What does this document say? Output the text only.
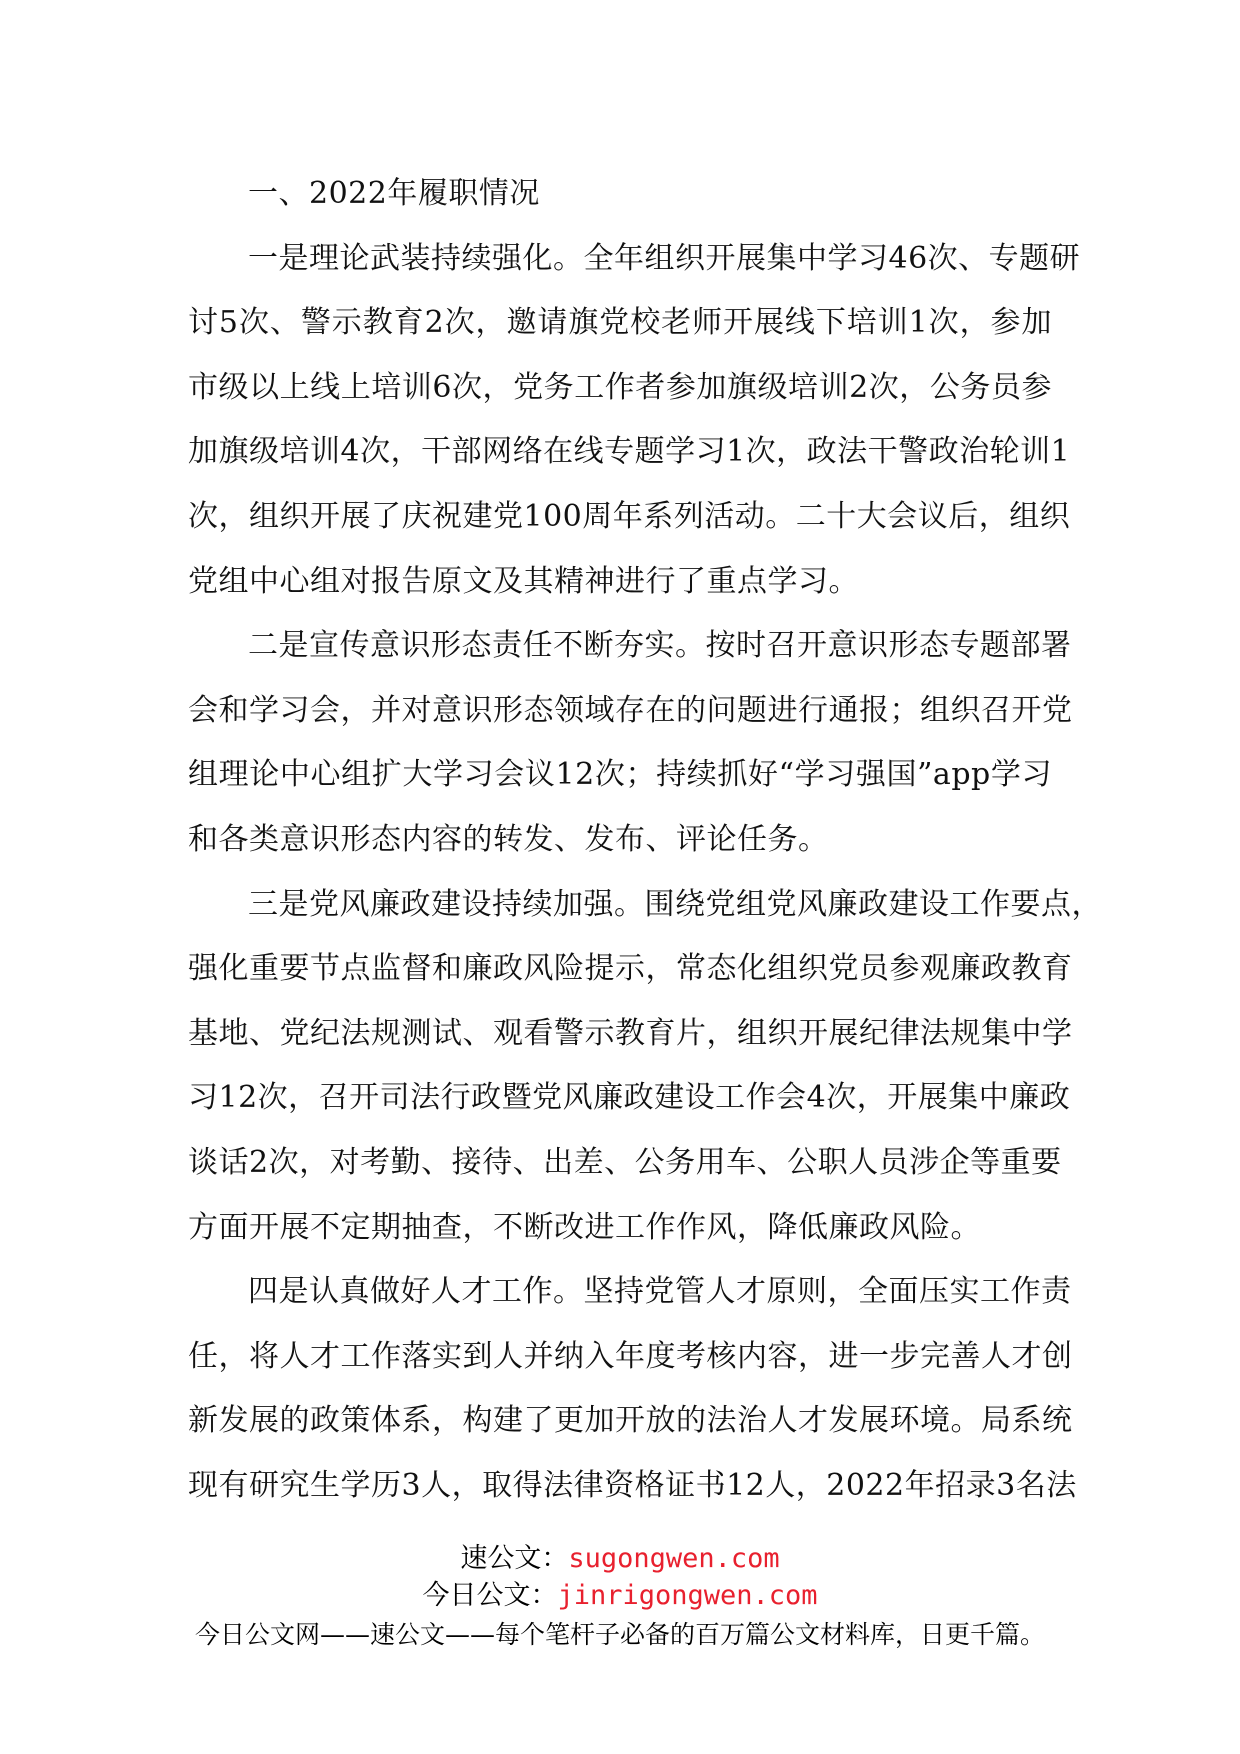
一、2022年履职情况
一是理论武装持续强化。全年组织开展集中学习46次、专题研
讨5次、警示教育2次，邀请旗党校老师开展线下培训1次，参加
市级以上线上培训6次，党务工作者参加旗级培训2次，公务员参
加旗级培训4次，干部网络在线专题学习1次，政法干警政治轮训1
次，组织开展了庆祝建党100周年系列活动。二十大会议后，组织
党组中心组对报告原文及其精神进行了重点学习。
二是宣传意识形态责任不断夯实。按时召开意识形态专题部署
会和学习会，并对意识形态领域存在的问题进行通报；组织召开党
组理论中心组扩大学习会议12次；持续抓好“学习强国”app学习
和各类意识形态内容的转发、发布、评论任务。
三是党风廉政建设持续加强。围绕党组党风廉政建设工作要点，
强化重要节点监督和廉政风险提示，常态化组织党员参观廉政教育
基地、党纪法规测试、观看警示教育片，组织开展纪律法规集中学
习12次，召开司法行政暨党风廉政建设工作会4次，开展集中廉政
谈话2次，对考勤、接待、出差、公务用车、公职人员涉企等重要
方面开展不定期抽查，不断改进工作作风，降低廉政风险。
四是认真做好人才工作。坚持党管人才原则，全面压实工作责
任，将人才工作落实到人并纳入年度考核内容，进一步完善人才创
新发展的政策体系，构建了更加开放的法治人才发展环境。局系统
现有研究生学历3人，取得法律资格证书12人，2022年招录3名法
速公文：sugongwen.com
今日公文：jinrigongwen.com
今日公文网——速公文——每个笔杆子必备的百万篇公文材料库，日更千篇。
